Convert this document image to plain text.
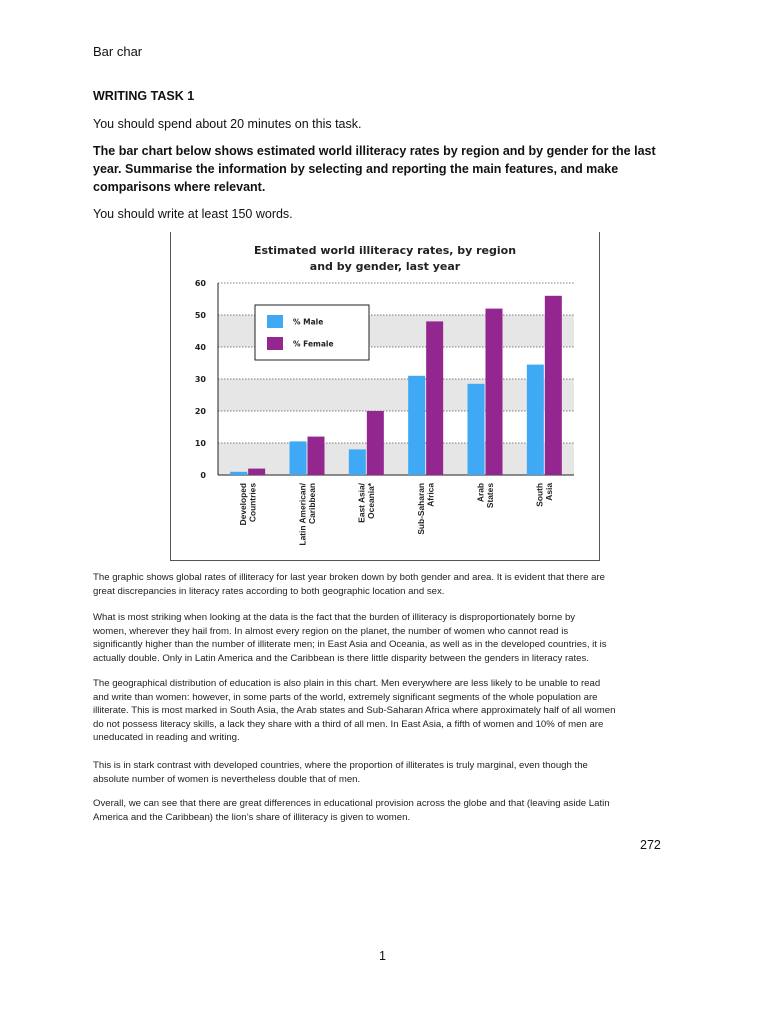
Bar char
WRITING TASK 1
You should spend about 20 minutes on this task.
The bar chart below shows estimated world illiteracy rates by region and by gender for the last
year. Summarise the information by selecting and reporting the main features, and make
comparisons where relevant.
You should write at least 150 words.
Estimated world illiteracy rates, by region
and by gender, last year
0
10
20
30
40
50
60
Developed Countries	Latin American/ Caribbean	East Asia/ Oceania*	Sub-Saharan Africa	Arab States	South Asia
% Male
% Female
The graphic shows global rates of illiteracy for last year broken down by both gender and area. It is evident that there are
great discrepancies in literacy rates according to both geographic location and sex.
What is most striking when looking at the data is the fact that the burden of illiteracy is disproportionately borne by
women, wherever they hail from. In almost every region on the planet, the number of women who cannot read is
significantly higher than the number of illiterate men; in East Asia and Oceania, as well as in the developed countries, it is
actually double. Only in Latin America and the Caribbean is there little disparity between the genders in literacy rates.
The geographical distribution of education is also plain in this chart. Men everywhere are less likely to be unable to read
and write than women: however, in some parts of the world, extremely significant segments of the whole population are
illiterate. This is most marked in South Asia, the Arab states and Sub-Saharan Africa where approximately half of all women
do not possess literacy skills, a lack they share with a third of all men. In East Asia, a fifth of women and 10% of men are
uneducated in reading and writing.
This is in stark contrast with developed countries, where the proportion of illiterates is truly marginal, even though the
absolute number of women is nevertheless double that of men.
Overall, we can see that there are great differences in educational provision across the globe and that (leaving aside Latin
America and the Caribbean) the lion’s share of illiteracy is given to women.
272
1
